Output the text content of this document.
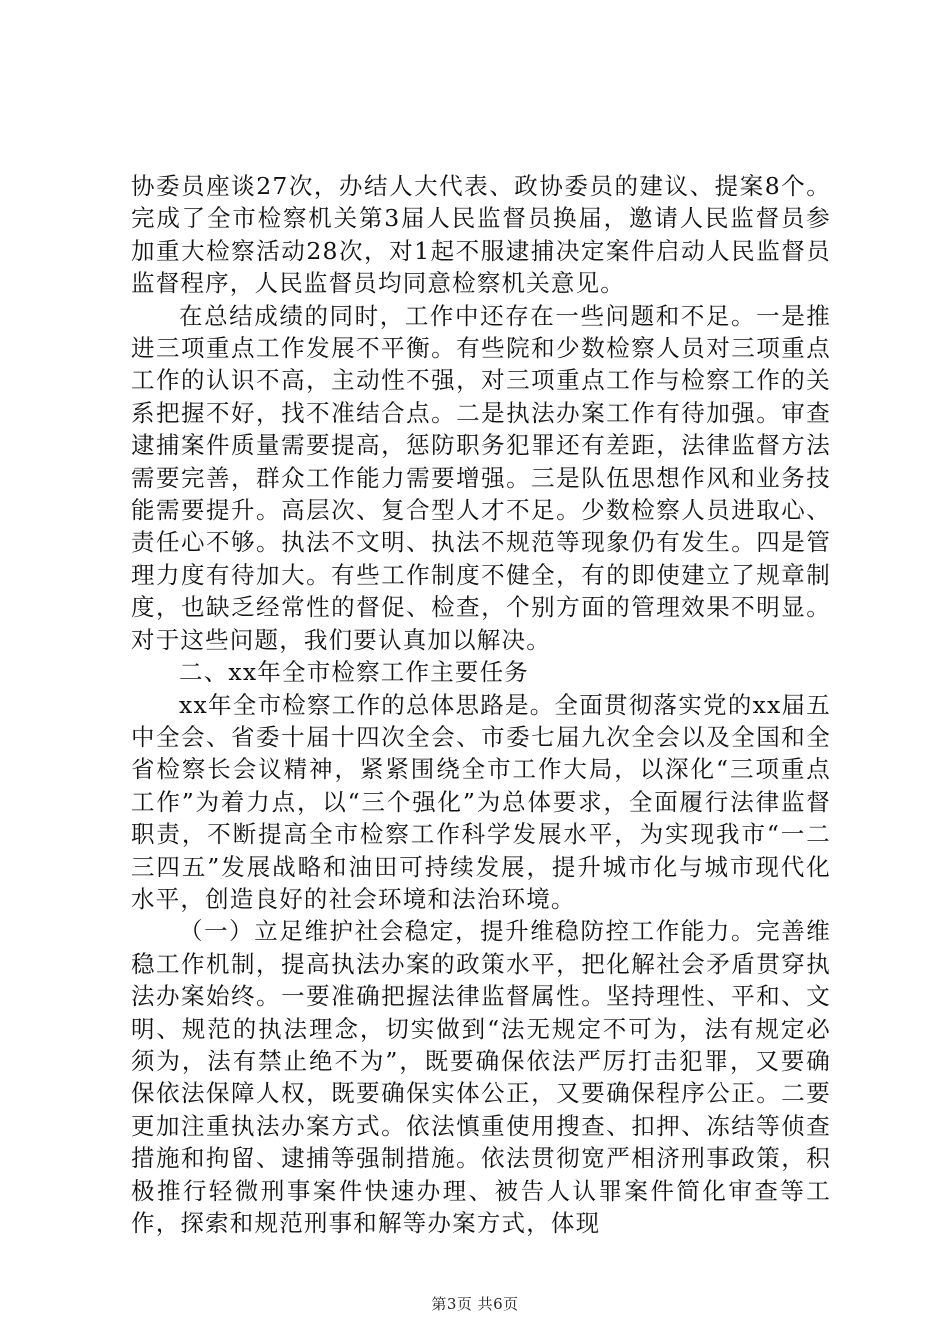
协委员座谈27次，办结人大代表、政协委员的建议、提案8个。完成了全市检察机关第3届人民监督员换届，邀请人民监督员参加重大检察活动28次，对1起不服逮捕决定案件启动人民监督员监督程序，人民监督员均同意检察机关意见。

在总结成绩的同时，工作中还存在一些问题和不足。一是推进三项重点工作发展不平衡。有些院和少数检察人员对三项重点工作的认识不高，主动性不强，对三项重点工作与检察工作的关系把握不好，找不准结合点。二是执法办案工作有待加强。审查逮捕案件质量需要提高，惩防职务犯罪还有差距，法律监督方法需要完善，群众工作能力需要增强。三是队伍思想作风和业务技能需要提升。高层次、复合型人才不足。少数检察人员进取心、责任心不够。执法不文明、执法不规范等现象仍有发生。四是管理力度有待加大。有些工作制度不健全，有的即使建立了规章制度，也缺乏经常性的督促、检查，个别方面的管理效果不明显。对于这些问题，我们要认真加以解决。

二、xx年全市检察工作主要任务

xx年全市检察工作的总体思路是。全面贯彻落实党的xx届五中全会、省委十届十四次全会、市委七届九次全会以及全国和全省检察长会议精神，紧紧围绕全市工作大局，以深化“三项重点工作”为着力点，以“三个强化”为总体要求，全面履行法律监督职责，不断提高全市检察工作科学发展水平，为实现我市“一二三四五”发展战略和油田可持续发展，提升城市化与城市现代化水平，创造良好的社会环境和法治环境。

（一）立足维护社会稳定，提升维稳防控工作能力。完善维稳工作机制，提高执法办案的政策水平，把化解社会矛盾贯穿执法办案始终。一要准确把握法律监督属性。坚持理性、平和、文明、规范的执法理念，切实做到“法无规定不可为，法有规定必须为，法有禁止绝不为”，既要确保依法严厉打击犯罪，又要确保依法保障人权，既要确保实体公正，又要确保程序公正。二要更加注重执法办案方式。依法慎重使用搜查、扣押、冻结等侦查措施和拘留、逮捕等强制措施。依法贯彻宽严相济刑事政策，积极推行轻微刑事案件快速办理、被告人认罪案件简化审查等工作，探索和规范刑事和解等办案方式，体现

第3页 共6页
